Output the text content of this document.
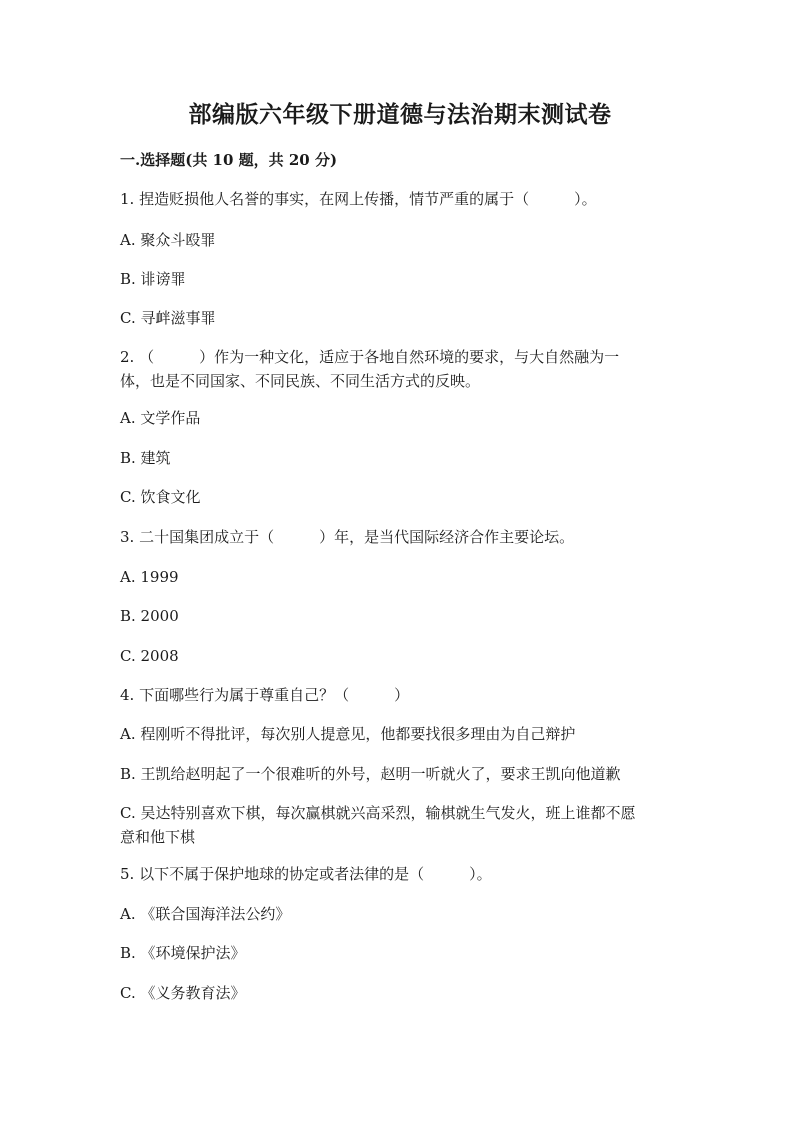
部编版六年级下册道德与法治期末测试卷
一.选择题(共 10 题，共 20 分)
1. 捏造贬损他人名誉的事实，在网上传播，情节严重的属于（　　　）。
A. 聚众斗殴罪
B. 诽谤罪
C. 寻衅滋事罪
2. （　　　）作为一种文化，适应于各地自然环境的要求，与大自然融为一
体，也是不同国家、不同民族、不同生活方式的反映。
A. 文学作品
B. 建筑
C. 饮食文化
3. 二十国集团成立于（　　　）年，是当代国际经济合作主要论坛。
A. 1999
B. 2000
C. 2008
4. 下面哪些行为属于尊重自己？（　　　）
A. 程刚听不得批评，每次别人提意见，他都要找很多理由为自己辩护
B. 王凯给赵明起了一个很难听的外号，赵明一听就火了，要求王凯向他道歉
C. 吴达特别喜欢下棋，每次赢棋就兴高采烈，输棋就生气发火，班上谁都不愿
意和他下棋
5. 以下不属于保护地球的协定或者法律的是（　　　）。
A. 《联合国海洋法公约》
B. 《环境保护法》
C. 《义务教育法》
